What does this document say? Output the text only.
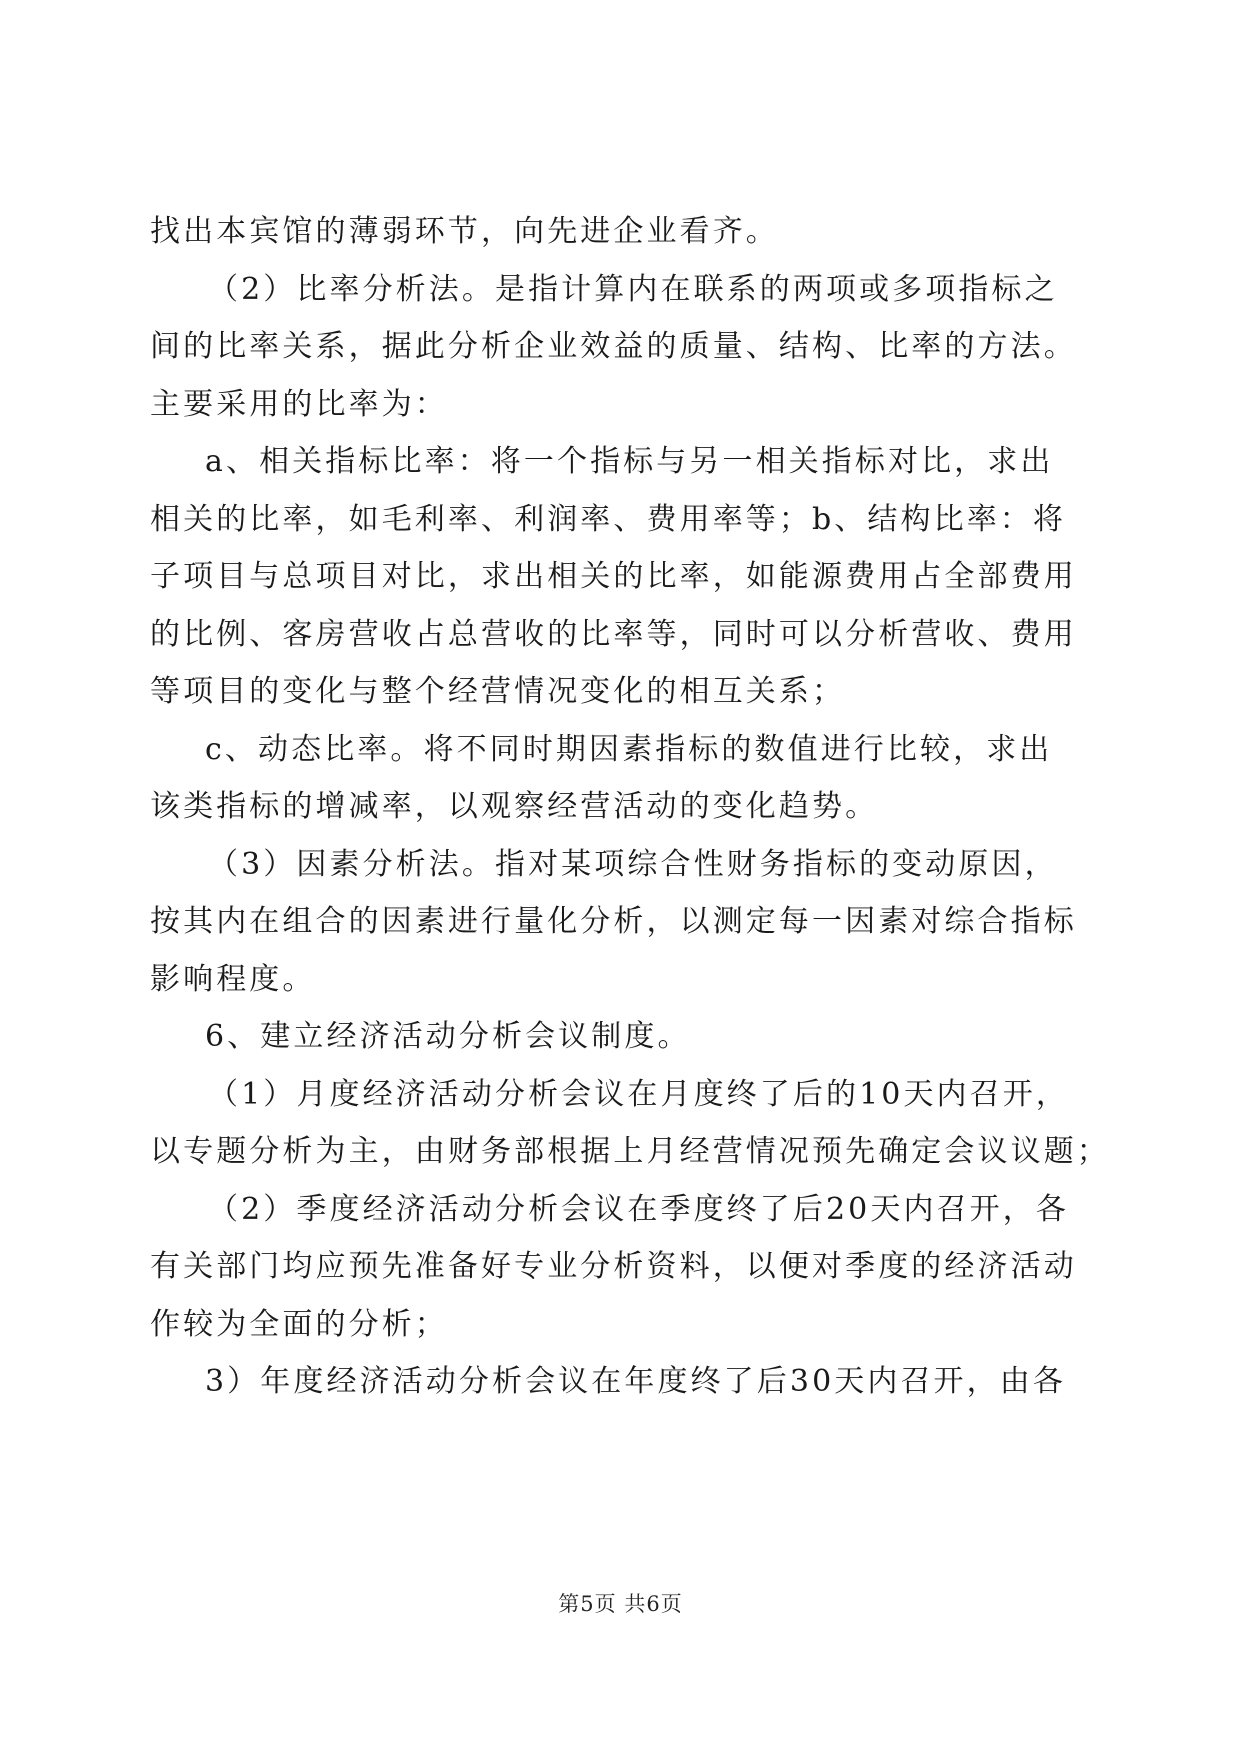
找出本宾馆的薄弱环节，向先进企业看齐。
（2）比率分析法。是指计算内在联系的两项或多项指标之
间的比率关系，据此分析企业效益的质量、结构、比率的方法。
主要采用的比率为：
a、相关指标比率：将一个指标与另一相关指标对比，求出
相关的比率，如毛利率、利润率、费用率等；b、结构比率：将
子项目与总项目对比，求出相关的比率，如能源费用占全部费用
的比例、客房营收占总营收的比率等，同时可以分析营收、费用
等项目的变化与整个经营情况变化的相互关系；
c、动态比率。将不同时期因素指标的数值进行比较，求出
该类指标的增减率，以观察经营活动的变化趋势。
（3）因素分析法。指对某项综合性财务指标的变动原因，
按其内在组合的因素进行量化分析，以测定每一因素对综合指标
影响程度。
6、建立经济活动分析会议制度。
（1）月度经济活动分析会议在月度终了后的10天内召开，
以专题分析为主，由财务部根据上月经营情况预先确定会议议题；
（2）季度经济活动分析会议在季度终了后20天内召开，各
有关部门均应预先准备好专业分析资料，以便对季度的经济活动
作较为全面的分析；
3）年度经济活动分析会议在年度终了后30天内召开，由各
第5页 共6页
